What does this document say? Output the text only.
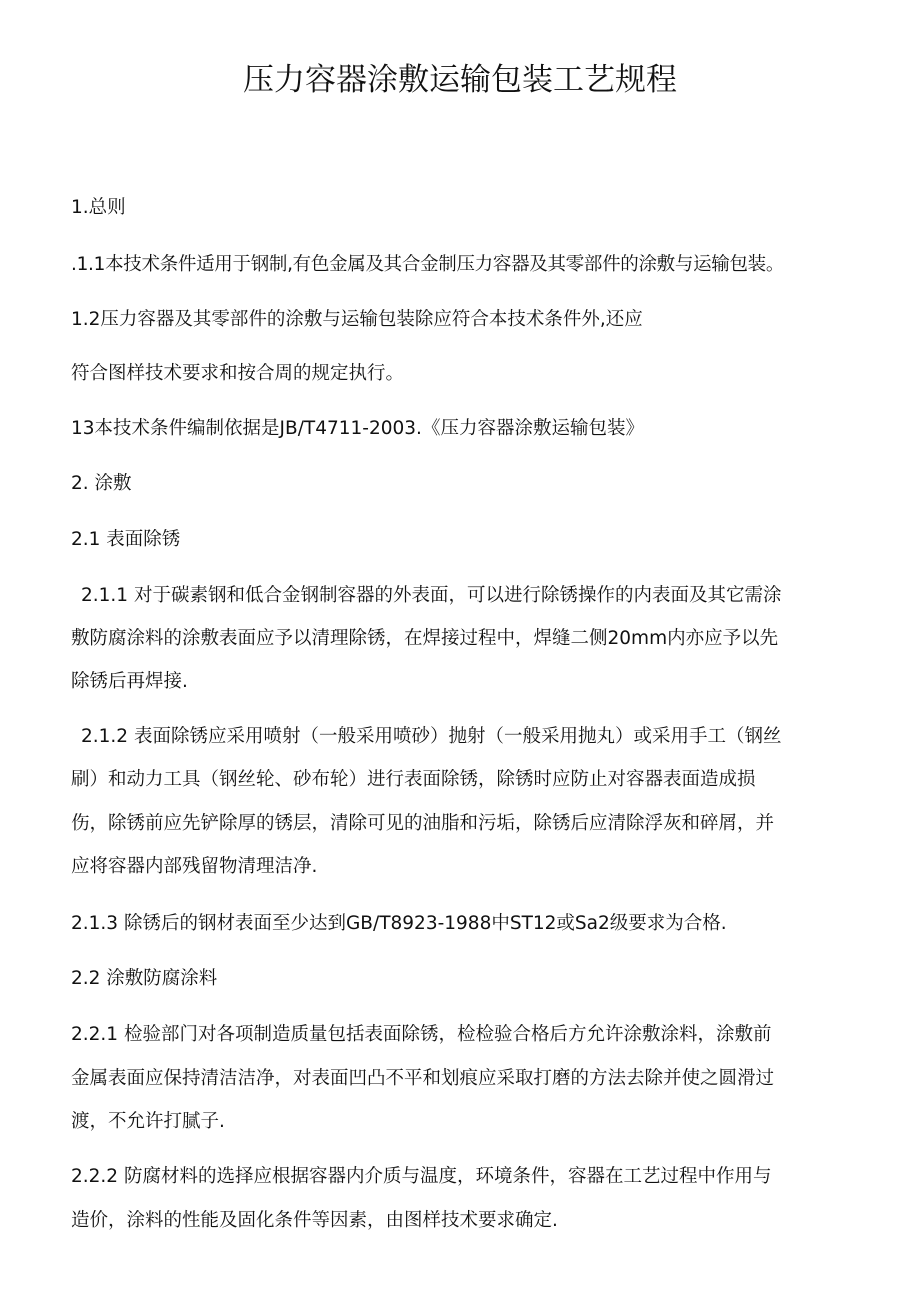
压力容器涂敷运输包装工艺规程
1.总则
.1.1本技术条件适用于钢制,有色金属及其合金制压力容器及其零部件的涂敷与运输包装。
1.2压力容器及其零部件的涂敷与运输包装除应符合本技术条件外,还应
符合图样技术要求和按合周的规定执行。
13本技术条件编制依据是JB/T4711-2003.《压力容器涂敷运输包装》
2. 涂敷
2.1 表面除锈
2.1.1 对于碳素钢和低合金钢制容器的外表面，可以进行除锈操作的内表面及其它需涂
敷防腐涂料的涂敷表面应予以清理除锈，在焊接过程中，焊缝二侧20mm内亦应予以先
除锈后再焊接.
2.1.2 表面除锈应采用喷射（一般采用喷砂）抛射（一般采用抛丸）或采用手工（钢丝
刷）和动力工具（钢丝轮、砂布轮）进行表面除锈，除锈时应防止对容器表面造成损
伤，除锈前应先铲除厚的锈层，清除可见的油脂和污垢，除锈后应清除浮灰和碎屑，并
应将容器内部残留物清理洁净.
2.1.3 除锈后的钢材表面至少达到GB/T8923-1988中ST12或Sa2级要求为合格.
2.2 涂敷防腐涂料
2.2.1 检验部门对各项制造质量包括表面除锈，检检验合格后方允许涂敷涂料，涂敷前
金属表面应保持清洁洁净，对表面凹凸不平和划痕应采取打磨的方法去除并使之圆滑过
渡，不允许打腻子.
2.2.2 防腐材料的选择应根据容器内介质与温度，环境条件，容器在工艺过程中作用与
造价，涂料的性能及固化条件等因素，由图样技术要求确定.
